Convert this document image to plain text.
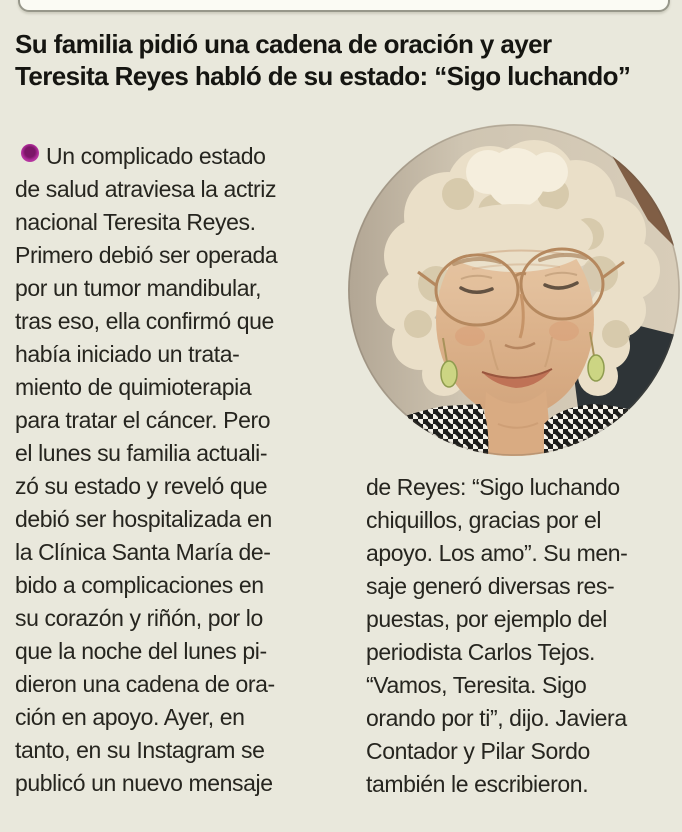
Su familia pidió una cadena de oración y ayer
Teresita Reyes habló de su estado: “Sigo luchando”
Un complicado estado
de salud atraviesa la actriz
nacional Teresita Reyes.
Primero debió ser operada
por un tumor mandibular,
tras eso, ella confirmó que
había iniciado un trata-
miento de quimioterapia
para tratar el cáncer. Pero
el lunes su familia actuali-
zó su estado y reveló que
debió ser hospitalizada en
la Clínica Santa María de-
bido a complicaciones en
su corazón y riñón, por lo
que la noche del lunes pi-
dieron una cadena de ora-
ción en apoyo. Ayer, en
tanto, en su Instagram se
publicó un nuevo mensaje
de Reyes: “Sigo luchando
chiquillos, gracias por el
apoyo. Los amo”. Su men-
saje generó diversas res-
puestas, por ejemplo del
periodista Carlos Tejos.
“Vamos, Teresita. Sigo
orando por ti”, dijo. Javiera
Contador y Pilar Sordo
también le escribieron.
